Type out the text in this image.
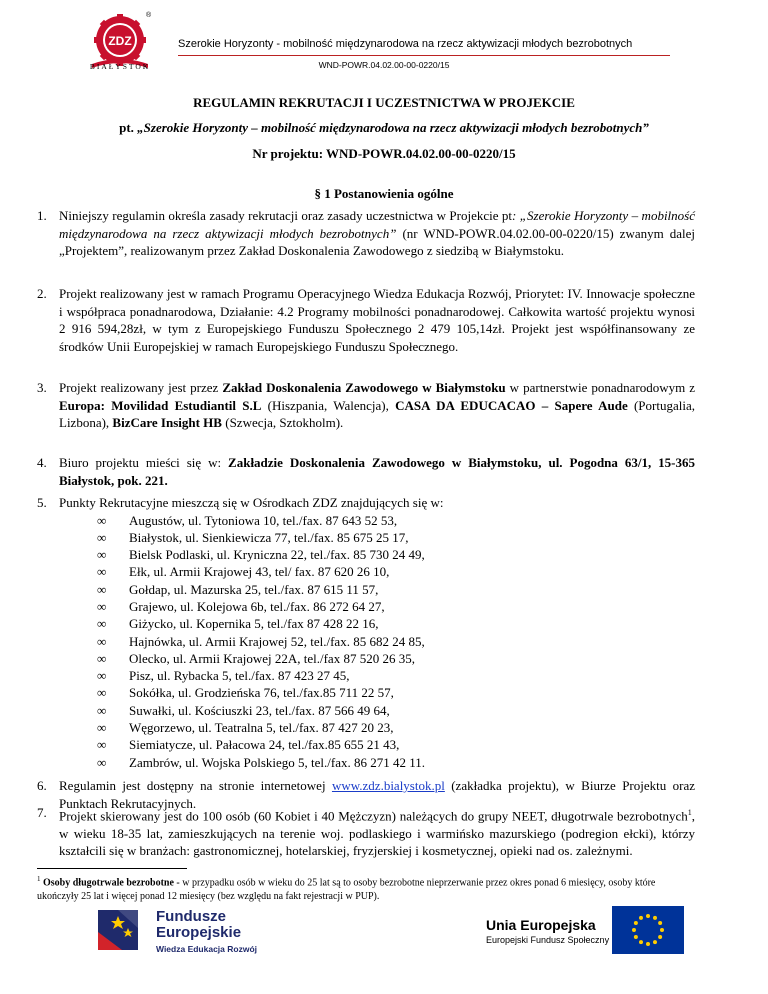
ZDZ
BIAŁYSTOK
®
Szerokie Horyzonty - mobilność międzynarodowa na rzecz aktywizacji młodych bezrobotnych
WND-POWR.04.02.00-00-0220/15
REGULAMIN REKRUTACJI I UCZESTNICTWA W PROJEKCIE
pt. „Szerokie Horyzonty – mobilność międzynarodowa na rzecz aktywizacji młodych bezrobotnych”
Nr projektu: WND-POWR.04.02.00-00-0220/15
§ 1 Postanowienia ogólne
1. Niniejszy regulamin określa zasady rekrutacji oraz zasady uczestnictwa w Projekcie pt: „Szerokie Horyzonty – mobilność międzynarodowa na rzecz aktywizacji młodych bezrobotnych” (nr WND-POWR.04.02.00-00-0220/15) zwanym dalej „Projektem”, realizowanym przez Zakład Doskonalenia Zawodowego z siedzibą w Białymstoku.
2. Projekt realizowany jest w ramach Programu Operacyjnego Wiedza Edukacja Rozwój, Priorytet: IV. Innowacje społeczne i współpraca ponadnarodowa, Działanie: 4.2 Programy mobilności ponadnarodowej. Całkowita wartość projektu wynosi 2 916 594,28zł, w tym z Europejskiego Funduszu Społecznego 2 479 105,14zł. Projekt jest współfinansowany ze środków Unii Europejskiej w ramach Europejskiego Funduszu Społecznego.
3. Projekt realizowany jest przez Zakład Doskonalenia Zawodowego w Białymstoku w partnerstwie ponadnarodowym z Europa: Movilidad Estudiantil S.L (Hiszpania, Walencja), CASA DA EDUCACAO – Sapere Aude (Portugalia, Lizbona), BizCare Insight HB (Szwecja, Sztokholm).
4. Biuro projektu mieści się w: Zakładzie Doskonalenia Zawodowego w Białymstoku, ul. Pogodna 63/1, 15-365 Białystok, pok. 221.
5. Punkty Rekrutacyjne mieszczą się w Ośrodkach ZDZ znajdujących się w:
∞ Augustów, ul. Tytoniowa 10, tel./fax. 87 643 52 53,
∞ Białystok, ul. Sienkiewicza 77, tel./fax. 85 675 25 17,
∞ Bielsk Podlaski, ul. Kryniczna 22, tel./fax. 85 730 24 49,
∞ Ełk, ul. Armii Krajowej 43, tel/ fax. 87 620 26 10,
∞ Gołdap, ul. Mazurska 25, tel./fax. 87 615 11 57,
∞ Grajewo, ul. Kolejowa 6b, tel./fax. 86 272 64 27,
∞ Giżycko, ul. Kopernika 5, tel./fax 87 428 22 16,
∞ Hajnówka, ul. Armii Krajowej 52, tel./fax. 85 682 24 85,
∞ Olecko, ul. Armii Krajowej 22A, tel./fax 87 520 26 35,
∞ Pisz, ul. Rybacka 5, tel./fax. 87 423 27 45,
∞ Sokółka, ul. Grodzieńska 76, tel./fax.85 711 22 57,
∞ Suwałki, ul. Kościuszki 23, tel./fax. 87 566 49 64,
∞ Węgorzewo, ul. Teatralna 5, tel./fax. 87 427 20 23,
∞ Siemiatycze, ul. Pałacowa 24, tel./fax.85 655 21 43,
∞ Zambrów, ul. Wojska Polskiego 5, tel./fax. 86 271 42 11.
6. Regulamin jest dostępny na stronie internetowej www.zdz.bialystok.pl (zakładka projektu), w Biurze Projektu oraz Punktach Rekrutacyjnych.
7. Projekt skierowany jest do 100 osób (60 Kobiet i 40 Mężczyzn) należących do grupy NEET, długotrwale bezrobotnych$^1$, w wieku 18-35 lat, zamieszkujących na terenie woj. podlaskiego i warmińsko mazurskiego (podregion ełcki), którzy kształcili się w branżach: gastronomicznej, hotelarskiej, fryzjerskiej i kosmetycznej, opieki nad os. zależnymi.
$^1$ Osoby długotrwale bezrobotne - w przypadku osób w wieku do 25 lat są to osoby bezrobotne nieprzerwanie przez okres ponad 6 miesięcy, osoby które ukończyły 25 lat i więcej ponad 12 miesięcy (bez względu na fakt rejestracji w PUP).
Fundusze
Europejskie
Wiedza Edukacja Rozwój
Unia Europejska
Europejski Fundusz Społeczny
